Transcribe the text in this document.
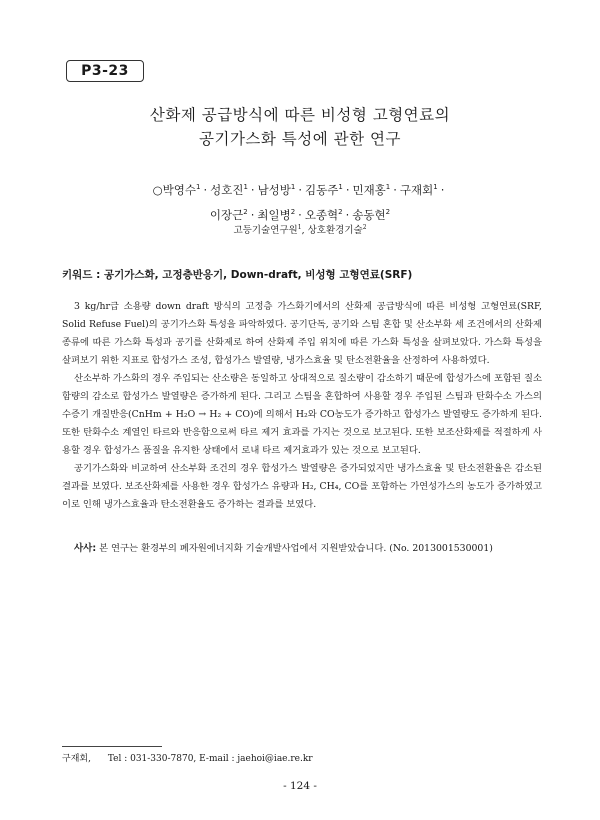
P3-23
산화제 공급방식에 따른 비성형 고형연료의
공기가스화 특성에 관한 연구
○박영수$^1$ · 성호진$^1$ · 남성방$^1$ · 김동주$^1$ · 민재홍$^1$ · 구재회$^1$ ·
이장근$^2$ · 최일병$^2$ · 오종혁$^2$ · 송동현$^2$
고등기술연구원$^1$, 상호환경기술$^2$
키워드 : 공기가스화, 고정층반응기, Down-draft, 비성형 고형연료(SRF)

3 kg/hr급 소용량 down draft 방식의 고정층 가스화기에서의 산화제 공급방식에 따른 비성형 고형연료(SRF, Solid Refuse Fuel)의 공기가스화 특성을 파악하였다. 공기단독, 공기와 스팀 혼합 및 산소부화 세 조건에서의 산화제 종류에 따른 가스화 특성과 공기를 산화제로 하여 산화제 주입 위치에 따른 가스화 특성을 살펴보았다. 가스화 특성을 살펴보기 위한 지표로 합성가스 조성, 합성가스 발열량, 냉가스효율 및 탄소전환율을 산정하여 사용하였다.

산소부하 가스화의 경우 주입되는 산소량은 동일하고 상대적으로 질소량이 감소하기 때문에 합성가스에 포함된 질소함량의 감소로 합성가스 발열량은 증가하게 된다. 그리고 스팀을 혼합하여 사용할 경우 주입된 스팀과 탄화수소 가스의 수증기 개질반응(CnHm + H₂O → H₂ + CO)에 의해서 H₂와 CO농도가 증가하고 합성가스 발열량도 증가하게 된다. 또한 탄화수소 계열인 타르와 반응함으로써 타르 제거 효과를 가지는 것으로 보고된다. 또한 보조산화제를 적절하게 사용할 경우 합성가스 품질을 유지한 상태에서 로내 타르 제거효과가 있는 것으로 보고된다.

공기가스화와 비교하여 산소부화 조건의 경우 합성가스 발열량은 증가되었지만 냉가스효율 및 탄소전환율은 감소된 결과를 보였다. 보조산화제를 사용한 경우 합성가스 유량과 H₂, CH₄, CO를 포함하는 가연성가스의 농도가 증가하였고 이로 인해 냉가스효율과 탄소전환율도 증가하는 결과를 보였다.

사사: 본 연구는 환경부의 폐자원에너지화 기술개발사업에서 지원받았습니다. (No. 2013001530001)
구재회, Tel : 031-330-7870, E-mail : jaehoi@iae.re.kr
- 124 -
